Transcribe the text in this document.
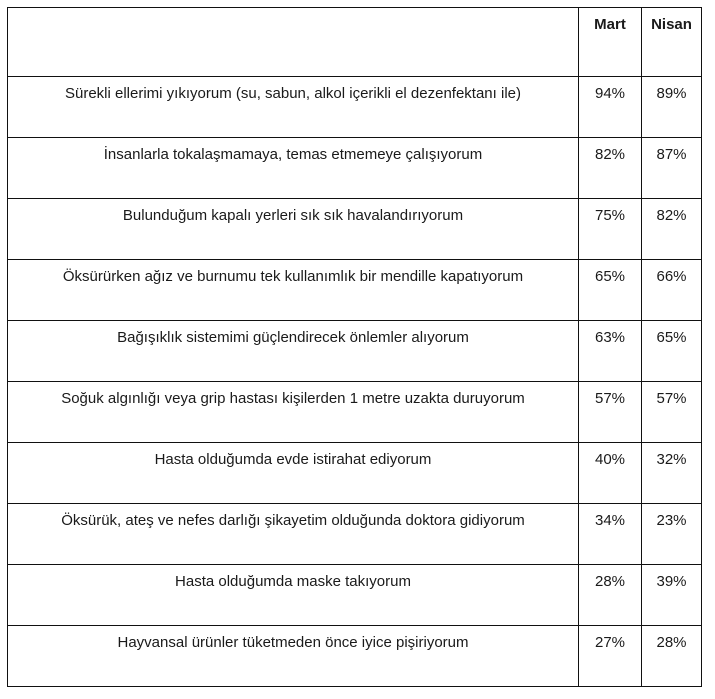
	Mart	Nisan
Sürekli ellerimi yıkıyorum (su, sabun, alkol içerikli el dezenfektanı ile)	94%	89%
İnsanlarla tokalaşmamaya, temas etmemeye çalışıyorum	82%	87%
Bulunduğum kapalı yerleri sık sık havalandırıyorum	75%	82%
Öksürürken ağız ve burnumu tek kullanımlık bir mendille kapatıyorum	65%	66%
Bağışıklık sistemimi güçlendirecek önlemler alıyorum	63%	65%
Soğuk algınlığı veya grip hastası kişilerden 1 metre uzakta duruyorum	57%	57%
Hasta olduğumda evde istirahat ediyorum	40%	32%
Öksürük, ateş ve nefes darlığı şikayetim olduğunda doktora gidiyorum	34%	23%
Hasta olduğumda maske takıyorum	28%	39%
Hayvansal ürünler tüketmeden önce iyice pişiriyorum	27%	28%
